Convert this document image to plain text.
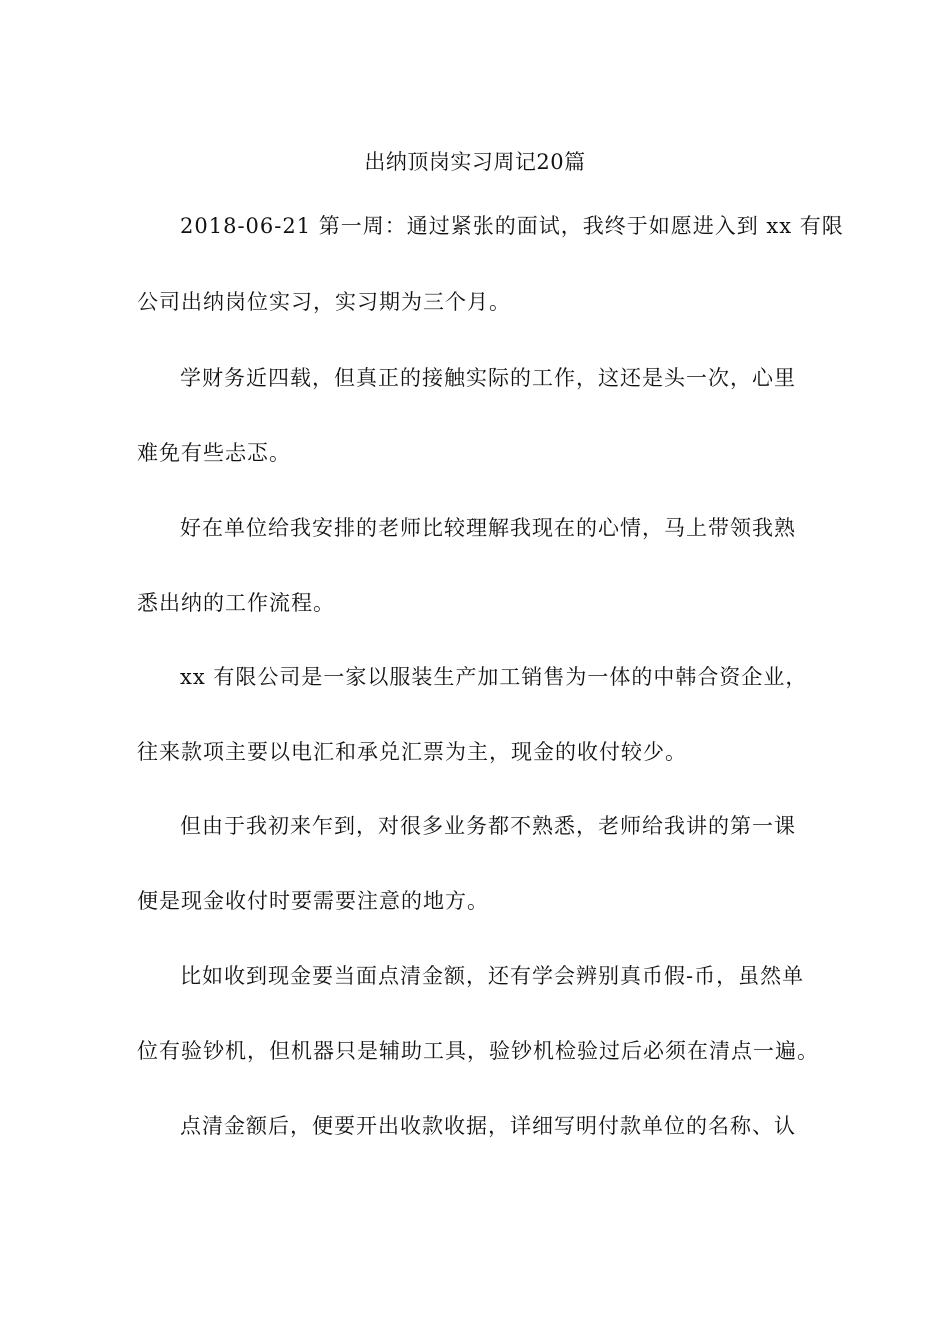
出纳顶岗实习周记20篇
2018-06-21 第一周：通过紧张的面试，我终于如愿进入到 xx 有限
公司出纳岗位实习，实习期为三个月。
学财务近四载，但真正的接触实际的工作，这还是头一次，心里
难免有些忐忑。
好在单位给我安排的老师比较理解我现在的心情，马上带领我熟
悉出纳的工作流程。
xx 有限公司是一家以服装生产加工销售为一体的中韩合资企业，
往来款项主要以电汇和承兑汇票为主，现金的收付较少。
但由于我初来乍到，对很多业务都不熟悉，老师给我讲的第一课
便是现金收付时要需要注意的地方。
比如收到现金要当面点清金额，还有学会辨别真币假-币，虽然单
位有验钞机，但机器只是辅助工具，验钞机检验过后必须在清点一遍。
点清金额后，便要开出收款收据，详细写明付款单位的名称、认
